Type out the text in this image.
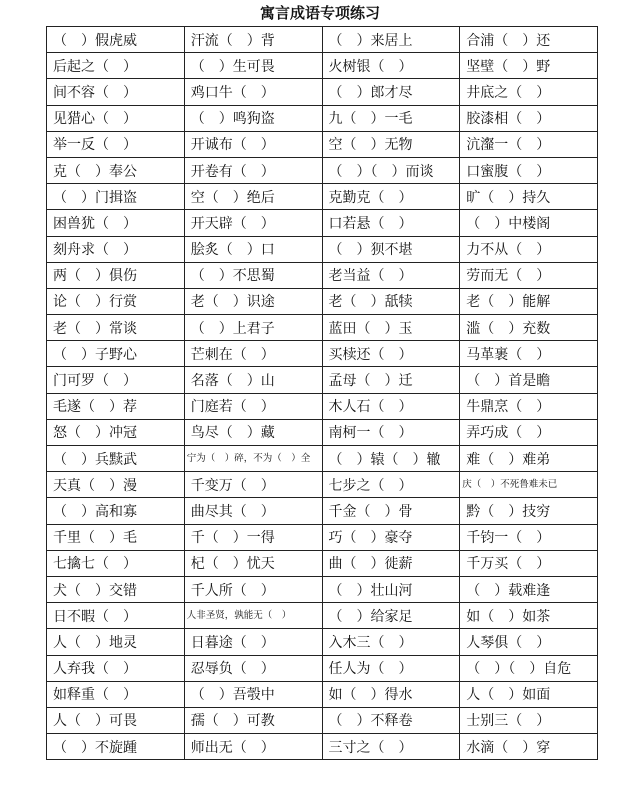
寓言成语专项练习
（　）假虎威	汗流（　）背	（　）来居上	合浦（　）还
后起之（　）	（　）生可畏	火树银（　）	坚壁（　）野
间不容（　）	鸡口牛（　）	（　）郎才尽	井底之（　）
见猎心（　）	（　）鸣狗盗	九（　）一毛	胶漆相（　）
举一反（　）	开诚布（　）	空（　）无物	沆瀣一（　）
克（　）奉公	开卷有（　）	（　）（　）而谈	口蜜腹（　）
（　）门揖盗	空（　）绝后	克勤克（　）	旷（　）持久
困兽犹（　）	开天辟（　）	口若悬（　）	（　）中楼阁
刻舟求（　）	脍炙（　）口	（　）狈不堪	力不从（　）
两（　）俱伤	（　）不思蜀	老当益（　）	劳而无（　）
论（　）行赏	老（　）识途	老（　）舐犊	老（　）能解
老（　）常谈	（　）上君子	蓝田（　）玉	滥（　）充数
（　）子野心	芒刺在（　）	买椟还（　）	马革裹（　）
门可罗（　）	名落（　）山	孟母（　）迁	（　）首是瞻
毛遂（　）荐	门庭若（　）	木人石（　）	牛鼎烹（　）
怒（　）冲冠	鸟尽（　）藏	南柯一（　）	弄巧成（　）
（　）兵黩武	宁为（　）碎，不为（　）全	（　）辕（　）辙	难（　）难弟
天真（　）漫	千变万（　）	七步之（　）	庆（　）不死鲁难未已
（　）高和寡	曲尽其（　）	千金（　）骨	黔（　）技穷
千里（　）毛	千（　）一得	巧（　）豪夺	千钧一（　）
七擒七（　）	杞（　）忧天	曲（　）徙薪	千万买（　）
犬（　）交错	千人所（　）	（　）壮山河	（　）载难逢
日不暇（　）	人非圣贤，孰能无（　）	（　）给家足	如（　）如茶
人（　）地灵	日暮途（　）	入木三（　）	人琴俱（　）
人弃我（　）	忍辱负（　）	任人为（　）	（　）（　）自危
如释重（　）	（　）吾彀中	如（　）得水	人（　）如面
人（　）可畏	孺（　）可教	（　）不释卷	士别三（　）
（　）不旋踵	师出无（　）	三寸之（　）	水滴（　）穿
